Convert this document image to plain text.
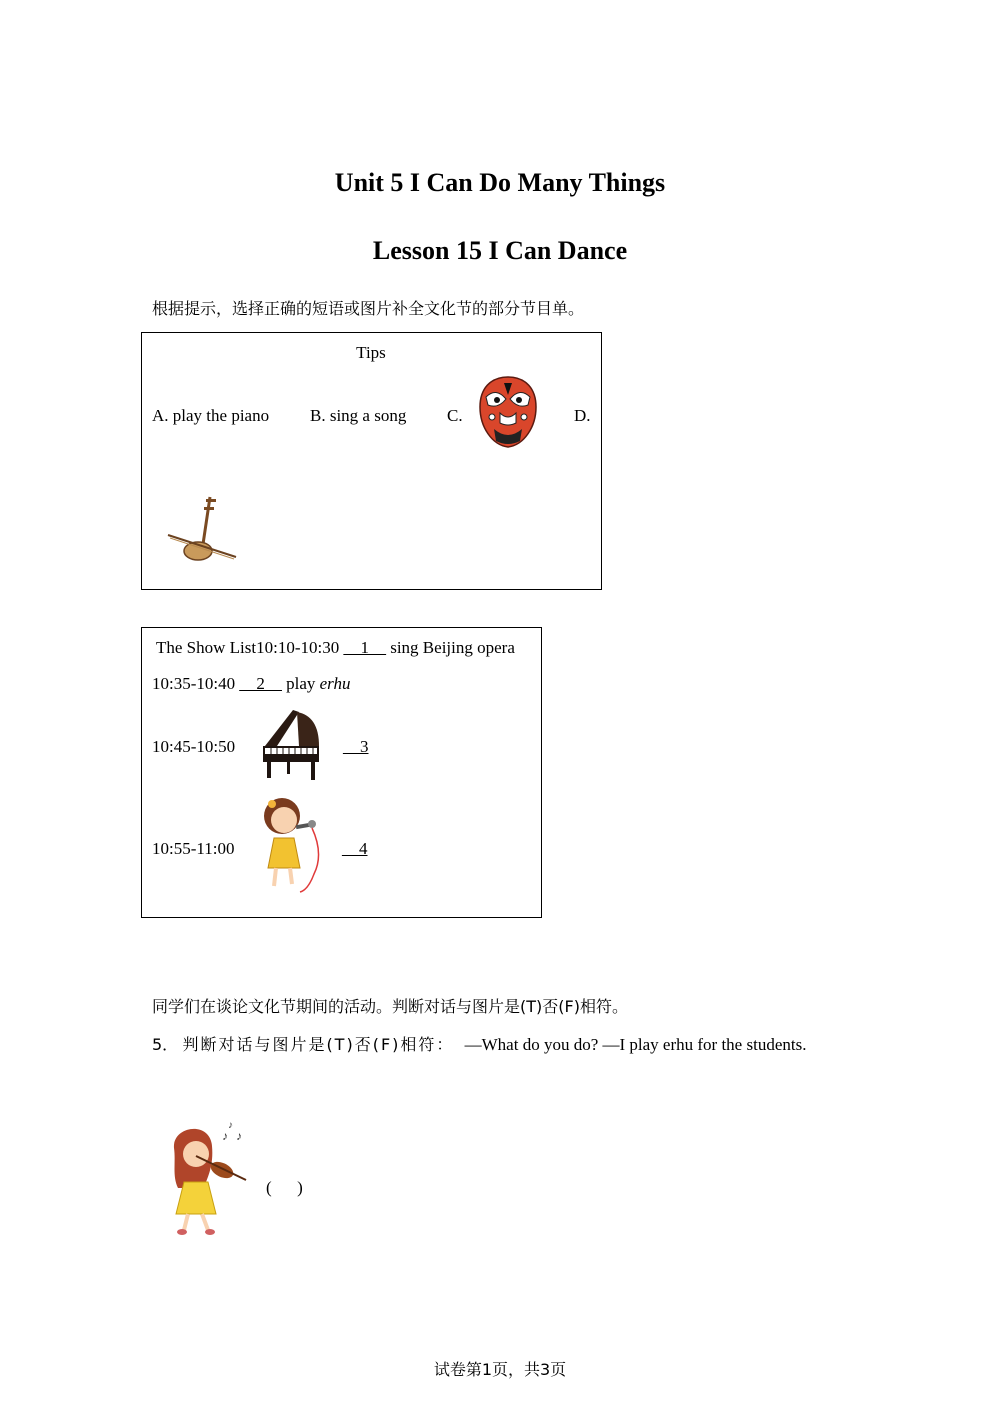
Unit 5 I Can Do Many Things
Lesson 15 I Can Dance
根据提示，选择正确的短语或图片补全文化节的部分节目单。
Tips
A. play the piano B. sing a song C.	D.
The Show List10:10-10:30 __1__ sing Beijing opera
10:35-10:40 __2__ play erhu
10:45-10:50	__3
10:55-11:00	__4
同学们在谈论文化节期间的活动。判断对话与图片是(T)否(F)相符。
5． 判断对话与图片是(T)否(F)相符： —What do you do? —I play erhu for the students.
♪ ♪
♪
(      )
试卷第1页，共3页
